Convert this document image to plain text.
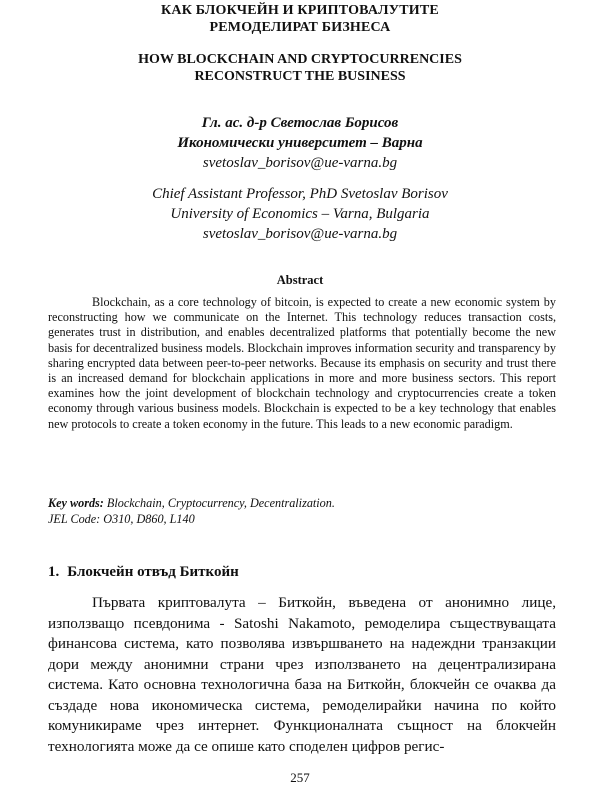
КАК БЛОКЧЕЙН И КРИПТОВАЛУТИТЕ
РЕМОДЕЛИРАТ БИЗНЕСА
HOW BLOCKCHAIN AND CRYPTOCURRENCIES
RECONSTRUCT THE BUSINESS
Гл. ас. д-р Светослав Борисов
Икономически университет – Варна
svetoslav_borisov@ue-varna.bg
Chief Assistant Professor, PhD Svetoslav Borisov
University of Economics – Varna, Bulgaria
svetoslav_borisov@ue-varna.bg
Abstract

Blockchain, as a core technology of bitcoin, is expected to create a new economic system by reconstructing how we communicate on the Internet. This technology reduces transaction costs, generates trust in distribution, and enables decentralized platforms that potentially become the new basis for decentralized business models. Blockchain improves information security and transparency by sharing encrypted data between peer-to-peer networks. Because its emphasis on security and trust there is an increased demand for blockchain applications in more and more business sectors. This report examines how the joint development of blockchain technology and cryptocurrencies create a token economy through various business models. Blockchain is expected to be a key technology that enables new protocols to create a token economy in the future. This leads to a new economic paradigm.

Key words: Blockchain, Cryptocurrency, Decentralization.
JEL Code: O310, D860, L140
1. Блокчейн отвъд Биткойн

Първата криптовалута – Биткойн, въведена от анонимно лице, използващо псевдонима - Satoshi Nakamoto, ремоделира съществуващата финансова система, като позволява извършването на надеждни транзакции дори между анонимни страни чрез използването на децентрализирана система. Като основна технологична база на Биткойн, блокчейн се очаква да създаде нова икономическа система, ремоделирайки начина по който комуникираме чрез интернет. Функционалната същност на блокчейн технологията може да се опише като споделен цифров регис-

257
